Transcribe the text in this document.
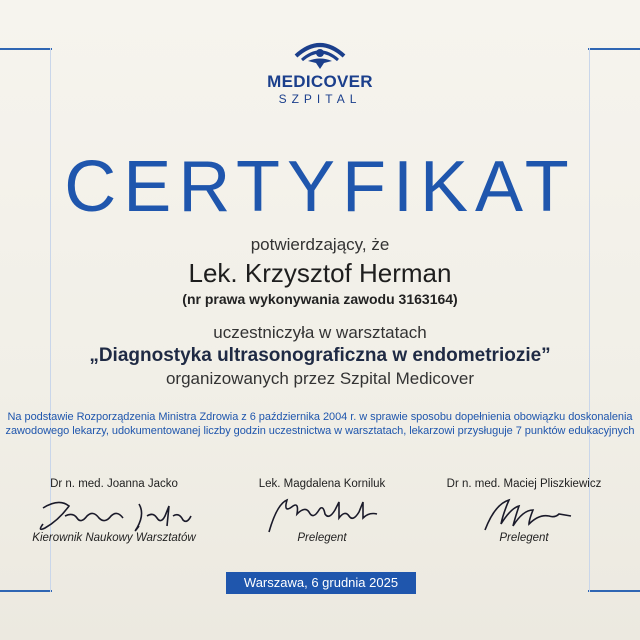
MEDICOVER
SZPITAL
CERTYFIKAT
potwierdzający, że
Lek. Krzysztof Herman
(nr prawa wykonywania zawodu 3163164)
uczestniczyła w warsztatach
„Diagnostyka ultrasonograficzna w endometriozie”
organizowanych przez Szpital Medicover
Na podstawie Rozporządzenia Ministra Zdrowia z 6 października 2004 r. w sprawie sposobu dopełnienia obowiązku doskonalenia
zawodowego lekarzy, udokumentowanej liczby godzin uczestnictwa w warsztatach, lekarzowi przysługuje 7 punktów edukacyjnych
Dr n. med. Joanna Jacko
Kierownik Naukowy Warsztatów
Lek. Magdalena Korniluk
Prelegent
Dr n. med. Maciej Pliszkiewicz
Prelegent
Warszawa, 6 grudnia 2025
